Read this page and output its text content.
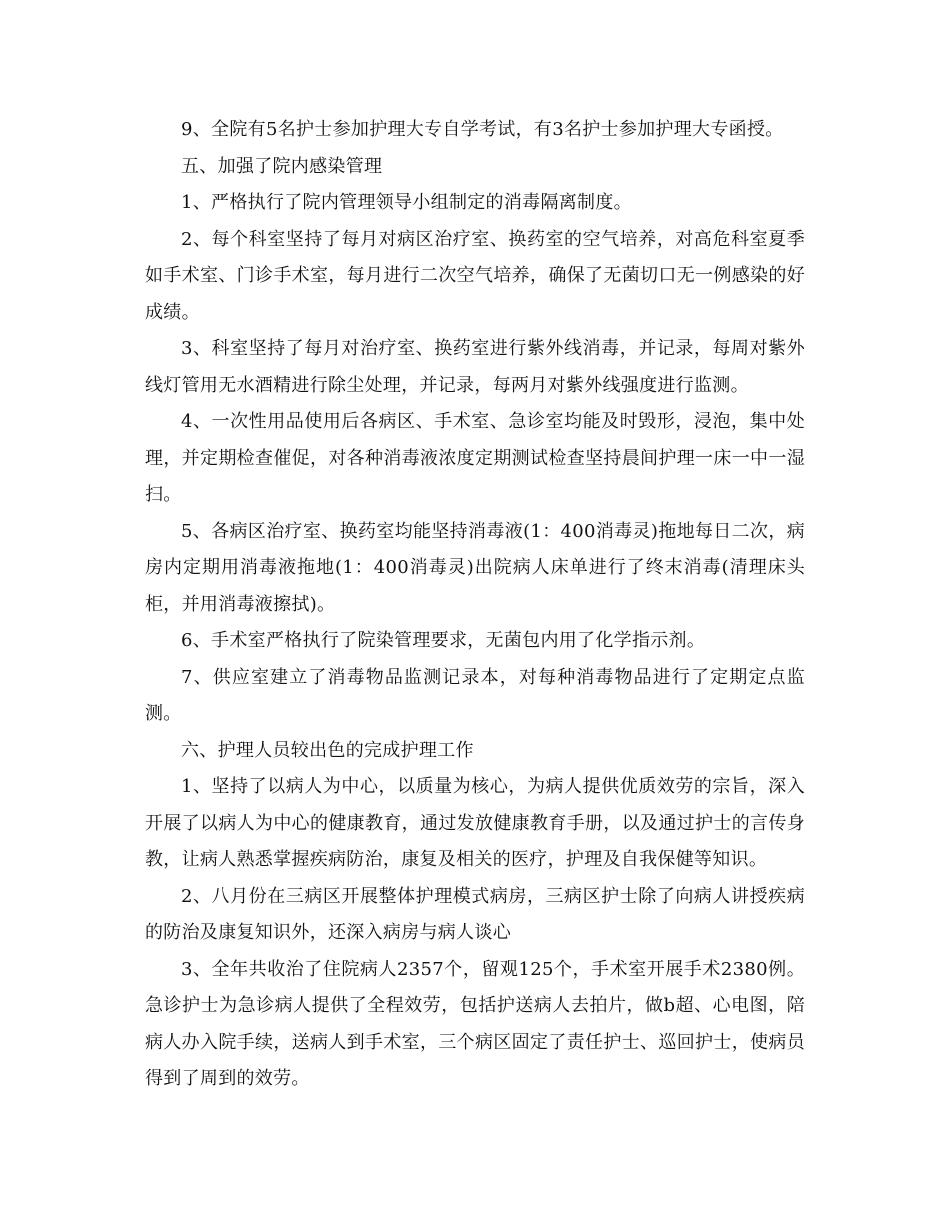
9、全院有5名护士参加护理大专自学考试，有3名护士参加护理大专函授。

五、加强了院内感染管理

1、严格执行了院内管理领导小组制定的消毒隔离制度。

2、每个科室坚持了每月对病区治疗室、换药室的空气培养，对高危科室夏季如手术室、门诊手术室，每月进行二次空气培养，确保了无菌切口无一例感染的好成绩。

3、科室坚持了每月对治疗室、换药室进行紫外线消毒，并记录，每周对紫外线灯管用无水酒精进行除尘处理，并记录，每两月对紫外线强度进行监测。

4、一次性用品使用后各病区、手术室、急诊室均能及时毁形，浸泡，集中处理，并定期检查催促，对各种消毒液浓度定期测试检查坚持晨间护理一床一中一湿扫。

5、各病区治疗室、换药室均能坚持消毒液(1：400消毒灵)拖地每日二次，病房内定期用消毒液拖地(1：400消毒灵)出院病人床单进行了终末消毒(清理床头柜，并用消毒液擦拭)。

6、手术室严格执行了院染管理要求，无菌包内用了化学指示剂。

7、供应室建立了消毒物品监测记录本，对每种消毒物品进行了定期定点监测。

六、护理人员较出色的完成护理工作

1、坚持了以病人为中心，以质量为核心，为病人提供优质效劳的宗旨，深入开展了以病人为中心的健康教育，通过发放健康教育手册，以及通过护士的言传身教，让病人熟悉掌握疾病防治，康复及相关的医疗，护理及自我保健等知识。

2、八月份在三病区开展整体护理模式病房，三病区护士除了向病人讲授疾病的防治及康复知识外，还深入病房与病人谈心

3、全年共收治了住院病人2357个，留观125个，手术室开展手术2380例。急诊护士为急诊病人提供了全程效劳，包括护送病人去拍片，做b超、心电图，陪病人办入院手续，送病人到手术室，三个病区固定了责任护士、巡回护士，使病员得到了周到的效劳。
